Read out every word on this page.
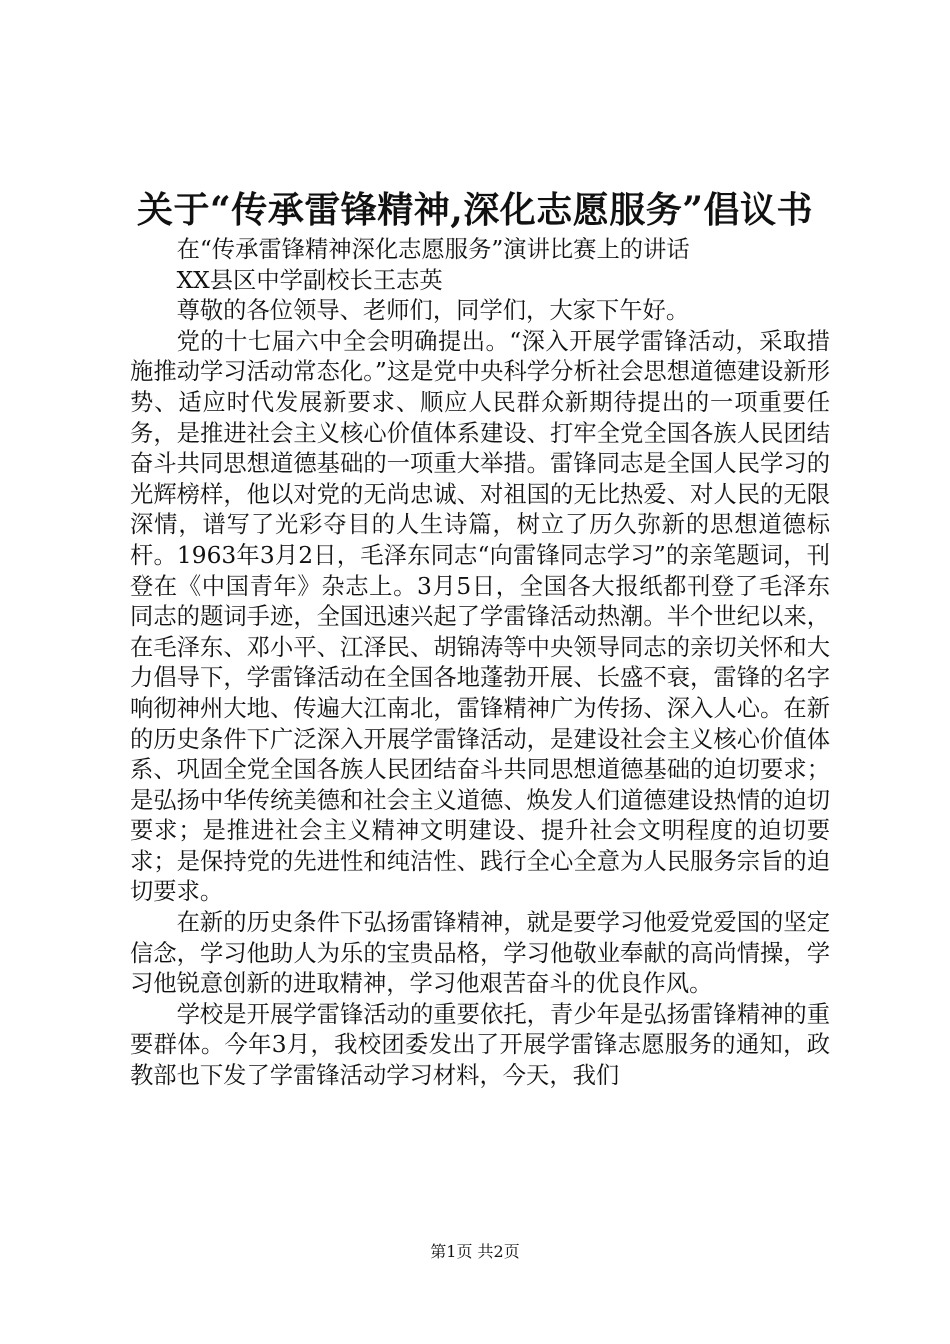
关于“传承雷锋精神,深化志愿服务”倡议书

在“传承雷锋精神深化志愿服务”演讲比赛上的讲话

XX县区中学副校长王志英

尊敬的各位领导、老师们，同学们，大家下午好。

党的十七届六中全会明确提出。“深入开展学雷锋活动，采取措施推动学习活动常态化。”这是党中央科学分析社会思想道德建设新形势、适应时代发展新要求、顺应人民群众新期待提出的一项重要任务，是推进社会主义核心价值体系建设、打牢全党全国各族人民团结奋斗共同思想道德基础的一项重大举措。雷锋同志是全国人民学习的光辉榜样，他以对党的无尚忠诚、对祖国的无比热爱、对人民的无限深情，谱写了光彩夺目的人生诗篇，树立了历久弥新的思想道德标杆。1963年3月2日，毛泽东同志“向雷锋同志学习”的亲笔题词，刊登在《中国青年》杂志上。3月5日，全国各大报纸都刊登了毛泽东同志的题词手迹，全国迅速兴起了学雷锋活动热潮。半个世纪以来，在毛泽东、邓小平、江泽民、胡锦涛等中央领导同志的亲切关怀和大力倡导下，学雷锋活动在全国各地蓬勃开展、长盛不衰，雷锋的名字响彻神州大地、传遍大江南北，雷锋精神广为传扬、深入人心。在新的历史条件下广泛深入开展学雷锋活动，是建设社会主义核心价值体系、巩固全党全国各族人民团结奋斗共同思想道德基础的迫切要求；是弘扬中华传统美德和社会主义道德、焕发人们道德建设热情的迫切要求；是推进社会主义精神文明建设、提升社会文明程度的迫切要求；是保持党的先进性和纯洁性、践行全心全意为人民服务宗旨的迫切要求。

在新的历史条件下弘扬雷锋精神，就是要学习他爱党爱国的坚定信念，学习他助人为乐的宝贵品格，学习他敬业奉献的高尚情操，学习他锐意创新的进取精神，学习他艰苦奋斗的优良作风。

学校是开展学雷锋活动的重要依托，青少年是弘扬雷锋精神的重要群体。今年3月，我校团委发出了开展学雷锋志愿服务的通知，政教部也下发了学雷锋活动学习材料，今天，我们

第1页 共2页
